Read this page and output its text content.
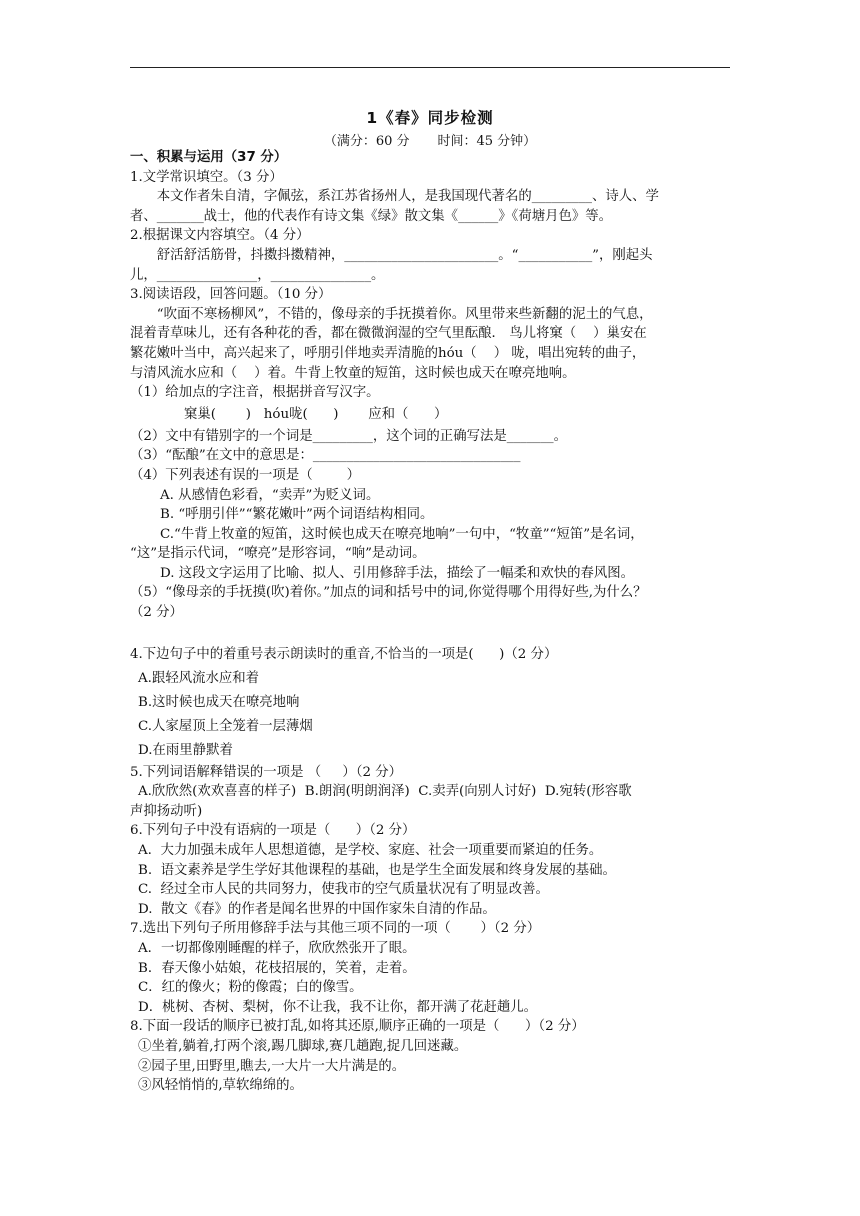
1《春》同步检测
（满分：60 分 时间：45 分钟）

一、积累与运用（37 分）

1.文学常识填空。（3 分）

本文作者朱自清，字佩弦，系江苏省扬州人，是我国现代著名的_________、诗人、学

者、_______战士，他的代表作有诗文集《绿》散文集《______》《荷塘月色》等。

2.根据课文内容填空。（4 分）

舒活舒活筋骨，抖擞抖擞精神，_______________________。“___________”，刚起头

儿，_______________，_______________。

3.阅读语段，回答问题。（10 分）

“吹面不寒杨柳风”，不错的，像母亲的手抚摸着你。风里带来些新翻的泥土的气息，

混着青草味儿，还有各种花的香，都在微微润湿的空气里酝酿． 鸟儿将窠（    ）巢安在

繁花嫩叶当中，高兴起来了，呼朋引伴地卖弄清脆的hóu（    ） 咙，唱出宛转的曲子，

与清风流水应和（    ）着。牛背上牧童的短笛，这时候也成天在嘹亮地响。

（1）给加点的字注音，根据拼音写汉字。

窠巢(       )   hóu咙(      )       应和（      ）

（2）文中有错别字的一个词是_________，这个词的正确写法是_______。

（3）“酝酿”在文中的意思是：_______________________________

（4）下列表述有误的一项是（        ）

A. 从感情色彩看，“卖弄”为贬义词。

B. “呼朋引伴”“繁花嫩叶”两个词语结构相同。

C.“牛背上牧童的短笛，这时候也成天在嘹亮地响”一句中，“牧童”“短笛”是名词，

“这”是指示代词，“嘹亮”是形容词，“响”是动词。

D. 这段文字运用了比喻、拟人、引用修辞手法，描绘了一幅柔和欢快的春风图。

（5）“像母亲的手抚摸(吹)着你。”加点的词和括号中的词,你觉得哪个用得好些,为什么？

（2 分）

4.下边句子中的着重号表示朗读时的重音,不恰当的一项是(      )（2 分）

A.跟轻风流水应和着

B.这时候也成天在嘹亮地响

C.人家屋顶上全笼着一层薄烟

D.在雨里静默着

5.下列词语解释错误的一项是 （     ）（2 分）

A.欣欣然(欢欢喜喜的样子)  B.朗润(明朗润泽)  C.卖弄(向别人讨好)  D.宛转(形容歌

声抑扬动听)

6.下列句子中没有语病的一项是（      ）（2 分）

A.  大力加强未成年人思想道德，是学校、家庭、社会一项重要而紧迫的任务。

B.  语文素养是学生学好其他课程的基础，也是学生全面发展和终身发展的基础。

C.  经过全市人民的共同努力，使我市的空气质量状况有了明显改善。

D.  散文《春》的作者是闻名世界的中国作家朱自清的作品。

7.选出下列句子所用修辞手法与其他三项不同的一项（       ）（2 分）

A．一切都像刚睡醒的样子，欣欣然张开了眼。

B．春天像小姑娘，花枝招展的，笑着，走着。

C．红的像火；粉的像霞；白的像雪。

D．桃树、杏树、梨树，你不让我，我不让你，都开满了花赶趟儿。

8.下面一段话的顺序已被打乱,如将其还原,顺序正确的一项是（      ）（2 分）

①坐着,躺着,打两个滚,踢几脚球,赛几趟跑,捉几回迷藏。

②园子里,田野里,瞧去,一大片一大片满是的。

③风轻悄悄的,草软绵绵的。
